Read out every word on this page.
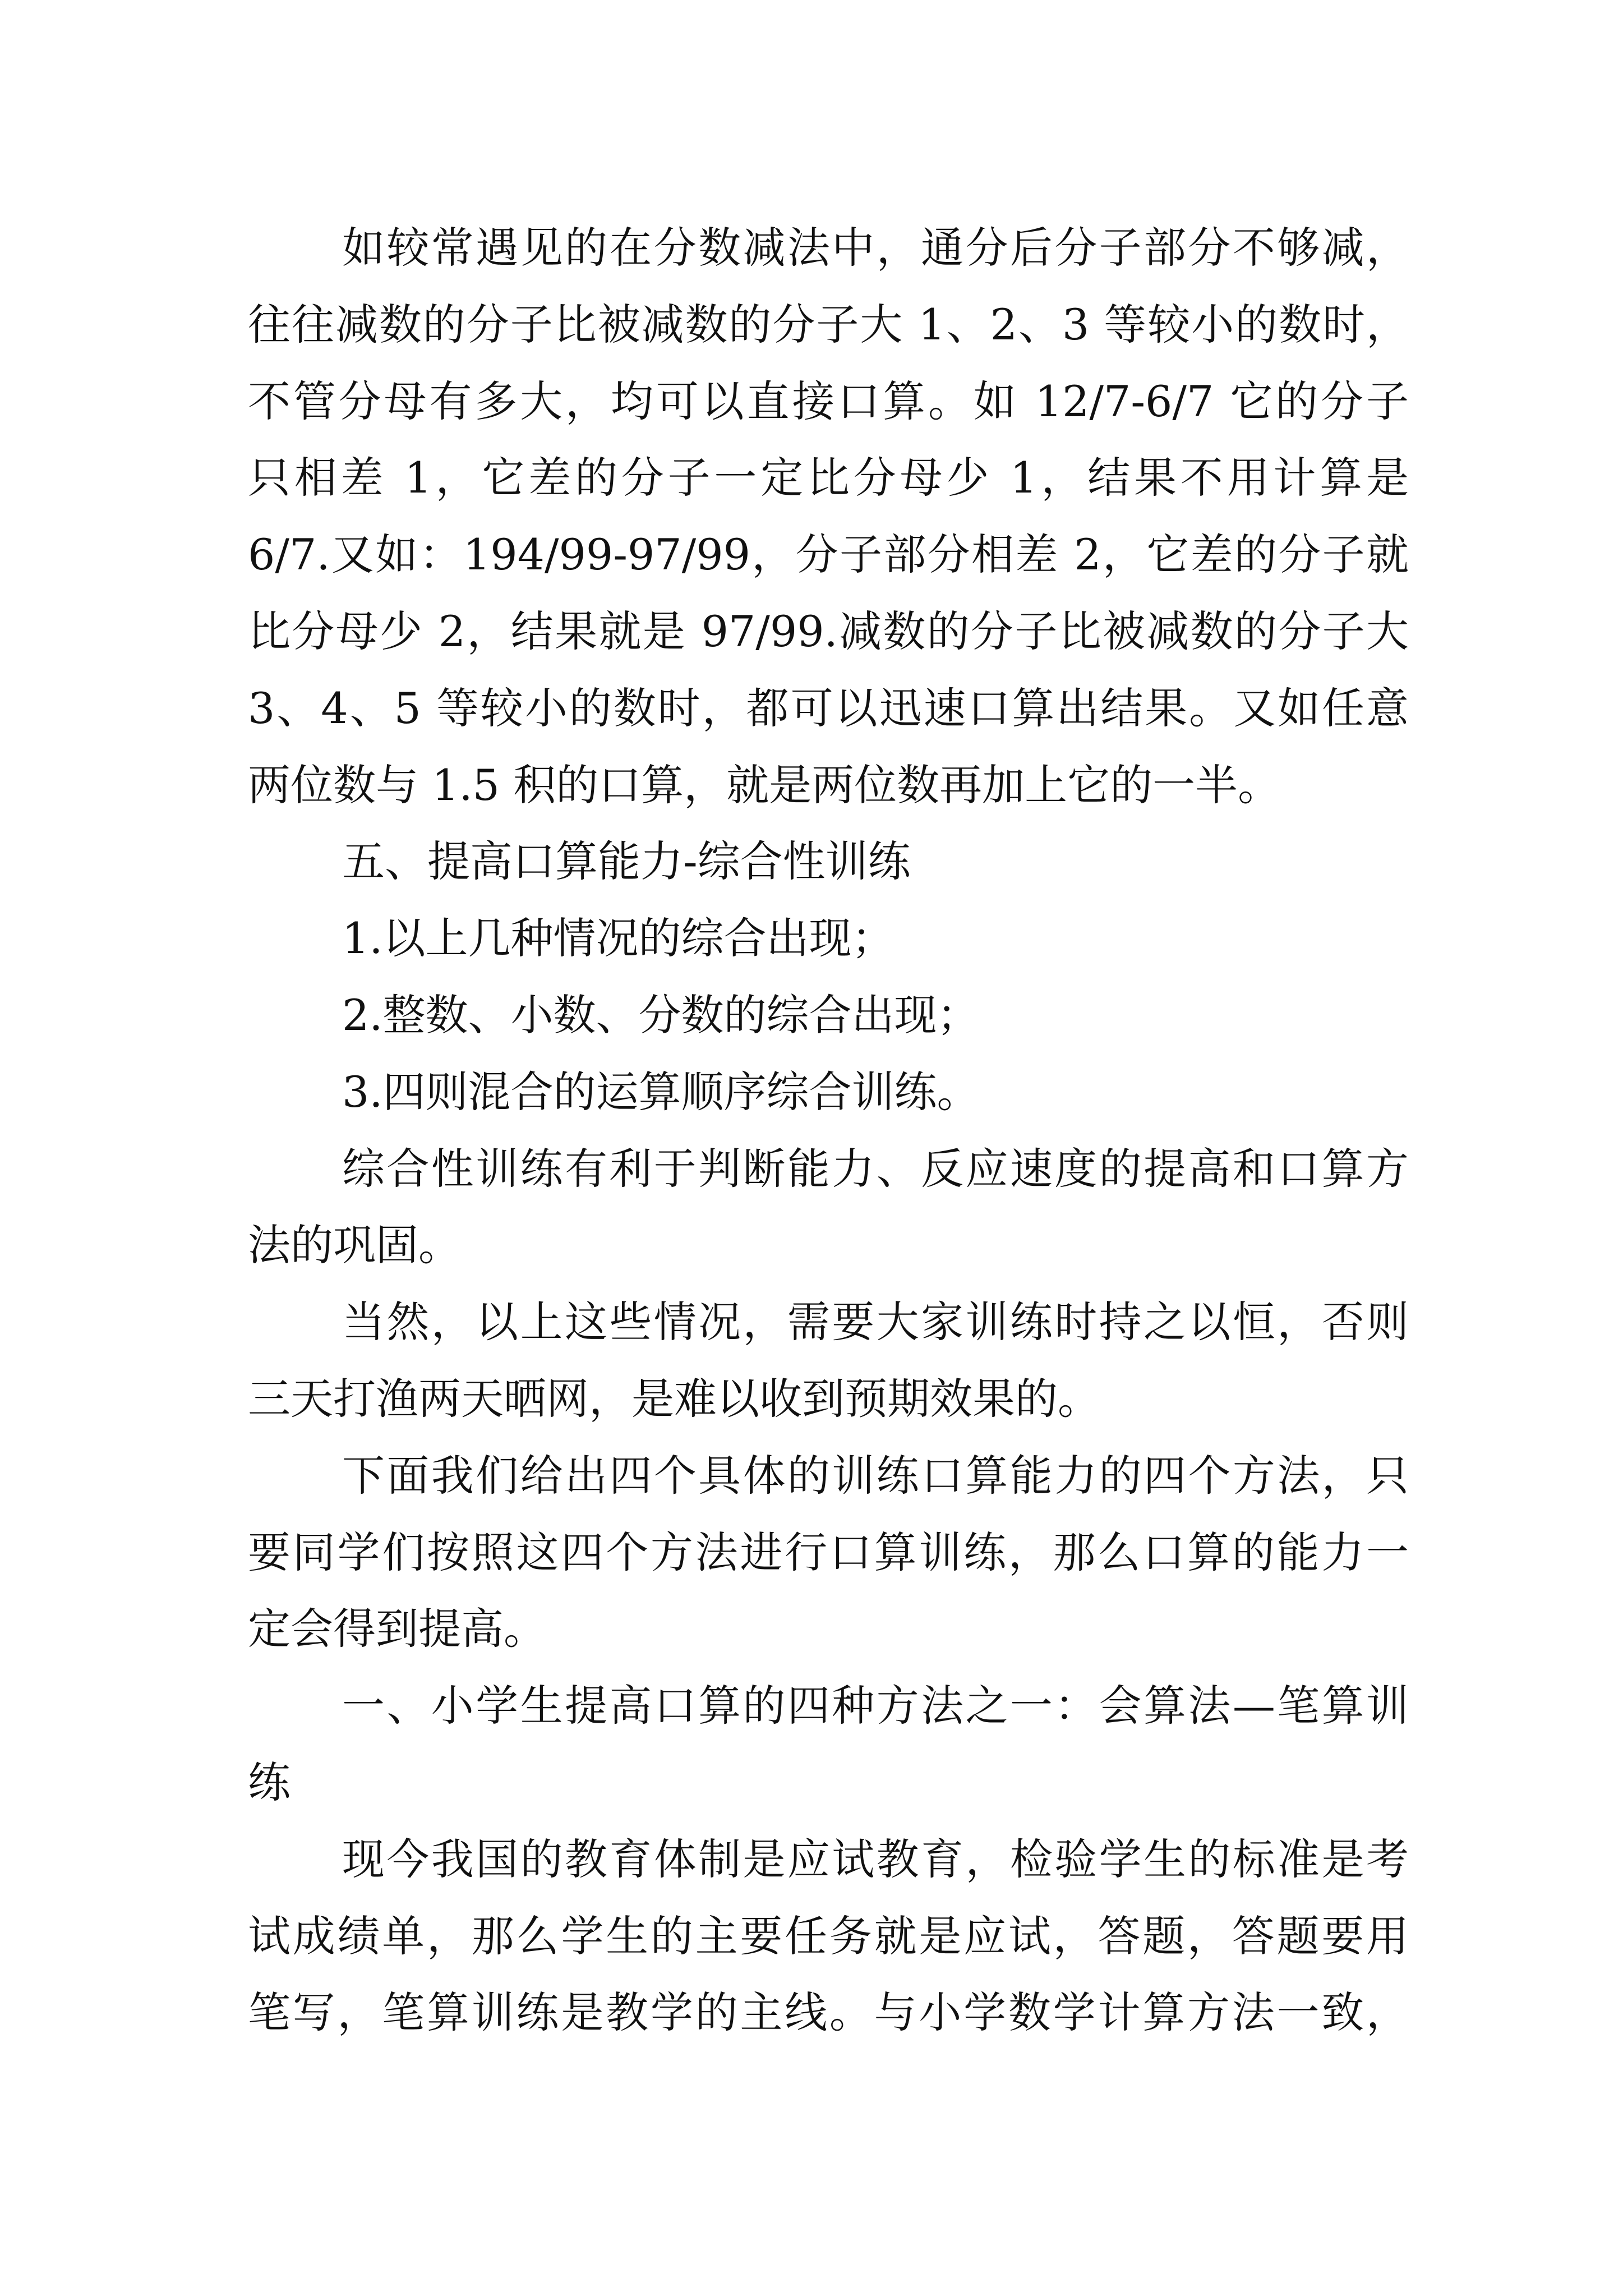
如较常遇见的在分数减法中，通分后分子部分不够减，
往往减数的分子比被减数的分子大 1、2、3 等较小的数时，
不管分母有多大，均可以直接口算。如 12/7-6/7 它的分子
只相差 1，它差的分子一定比分母少 1，结果不用计算是
6/7.又如：194/99-97/99，分子部分相差 2，它差的分子就
比分母少 2，结果就是 97/99.减数的分子比被减数的分子大
3、4、5 等较小的数时，都可以迅速口算出结果。又如任意
两位数与 1.5 积的口算，就是两位数再加上它的一半。
五、提高口算能力-综合性训练
1.以上几种情况的综合出现；
2.整数、小数、分数的综合出现；
3.四则混合的运算顺序综合训练。
综合性训练有利于判断能力、反应速度的提高和口算方
法的巩固。
当然，以上这些情况，需要大家训练时持之以恒，否则
三天打渔两天晒网，是难以收到预期效果的。
下面我们给出四个具体的训练口算能力的四个方法，只
要同学们按照这四个方法进行口算训练，那么口算的能力一
定会得到提高。
一、小学生提高口算的四种方法之一：会算法—笔算训
练
现今我国的教育体制是应试教育，检验学生的标准是考
试成绩单，那么学生的主要任务就是应试，答题，答题要用
笔写，笔算训练是教学的主线。与小学数学计算方法一致，
